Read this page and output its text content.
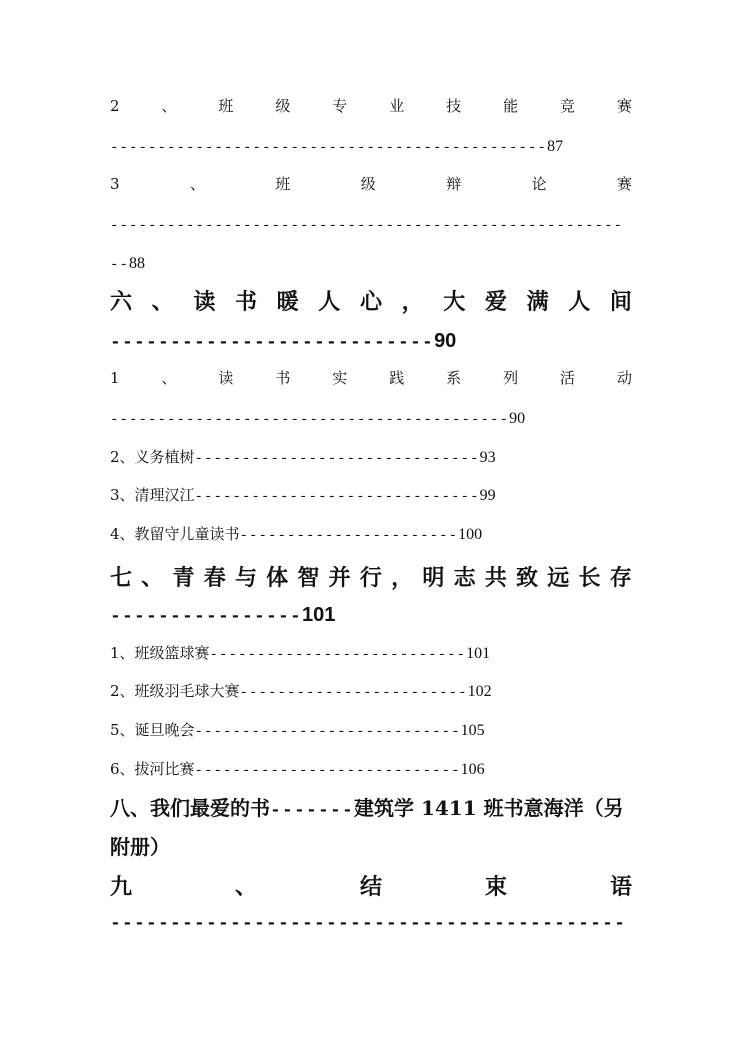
2	、	班	级	专	业	技	能	竞	赛
----------------------------------------------87
3	、	班	级	辩	论	赛
------------------------------------------------------
--88
六 、 读 书 暖 人 心 ， 大 爱 满 人 间
---------------------------90
1	、	读	书	实	践	系	列	活	动
------------------------------------------90
2、义务植树------------------------------93
3、清理汉江------------------------------99
4、教留守儿童读书-----------------------100
七 、 青 春 与 体 智 并 行 ， 明 志 共 致 远 长 存
----------------101
1、班级篮球赛---------------------------101
2、班级羽毛球大赛------------------------102
5、诞旦晚会----------------------------105
6、拔河比赛----------------------------106
八、我们最爱的书-------建筑学 1411 班书意海洋（另
附册）
九	、	结	束	语
-------------------------------------------
